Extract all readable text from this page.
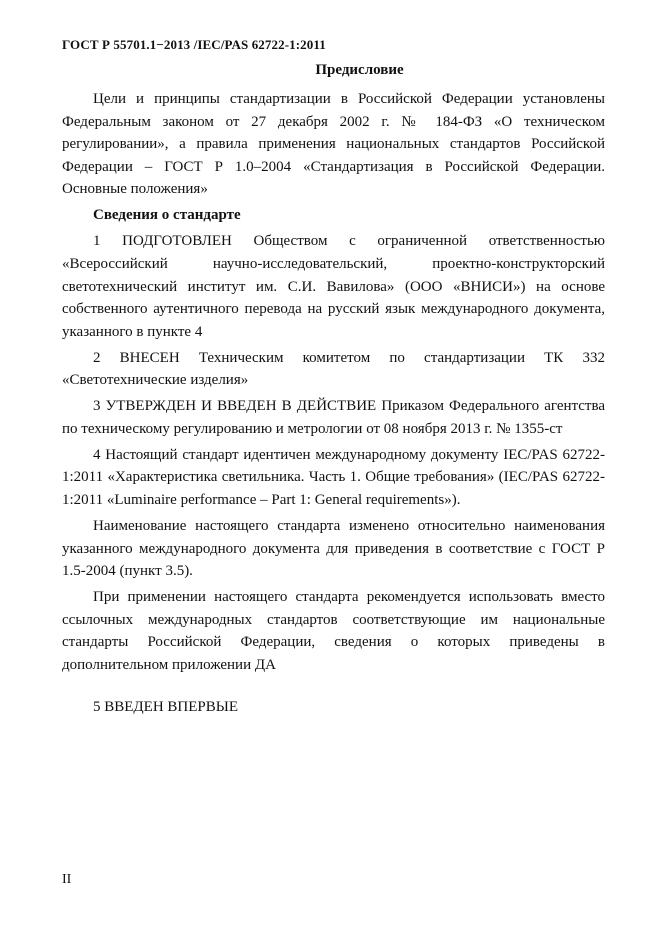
ГОСТ Р 55701.1−2013 /IEC/PAS 62722-1:2011
Предисловие

Цели и принципы стандартизации в Российской Федерации установлены Федеральным законом от 27 декабря 2002 г. № 184-ФЗ «О техническом регулировании», а правила применения национальных стандартов Российской Федерации – ГОСТ Р 1.0–2004 «Стандартизация в Российской Федерации. Основные положения»

Сведения о стандарте

1 ПОДГОТОВЛЕН Обществом с ограниченной ответственностью «Всероссийский научно-исследовательский, проектно-конструкторский светотехнический институт им. С.И. Вавилова» (ООО «ВНИСИ») на основе собственного аутентичного перевода на русский язык международного документа, указанного в пункте 4

2 ВНЕСЕН Техническим комитетом по стандартизации ТК 332 «Светотехнические изделия»

3 УТВЕРЖДЕН И ВВЕДЕН В ДЕЙСТВИЕ Приказом Федерального агентства по техническому регулированию и метрологии от 08 ноября 2013 г. № 1355-ст

4 Настоящий стандарт идентичен международному документу IEC/PAS 62722-1:2011 «Характеристика светильника. Часть 1. Общие требования» (IEC/PAS 62722-1:2011 «Luminaire performance – Part 1: General requirements»).

Наименование настоящего стандарта изменено относительно наименования указанного международного документа для приведения в соответствие с ГОСТ Р 1.5-2004 (пункт 3.5).

При применении настоящего стандарта рекомендуется использовать вместо ссылочных международных стандартов соответствующие им национальные стандарты Российской Федерации, сведения о которых приведены в дополнительном приложении ДА

5 ВВЕДЕН ВПЕРВЫЕ

II
